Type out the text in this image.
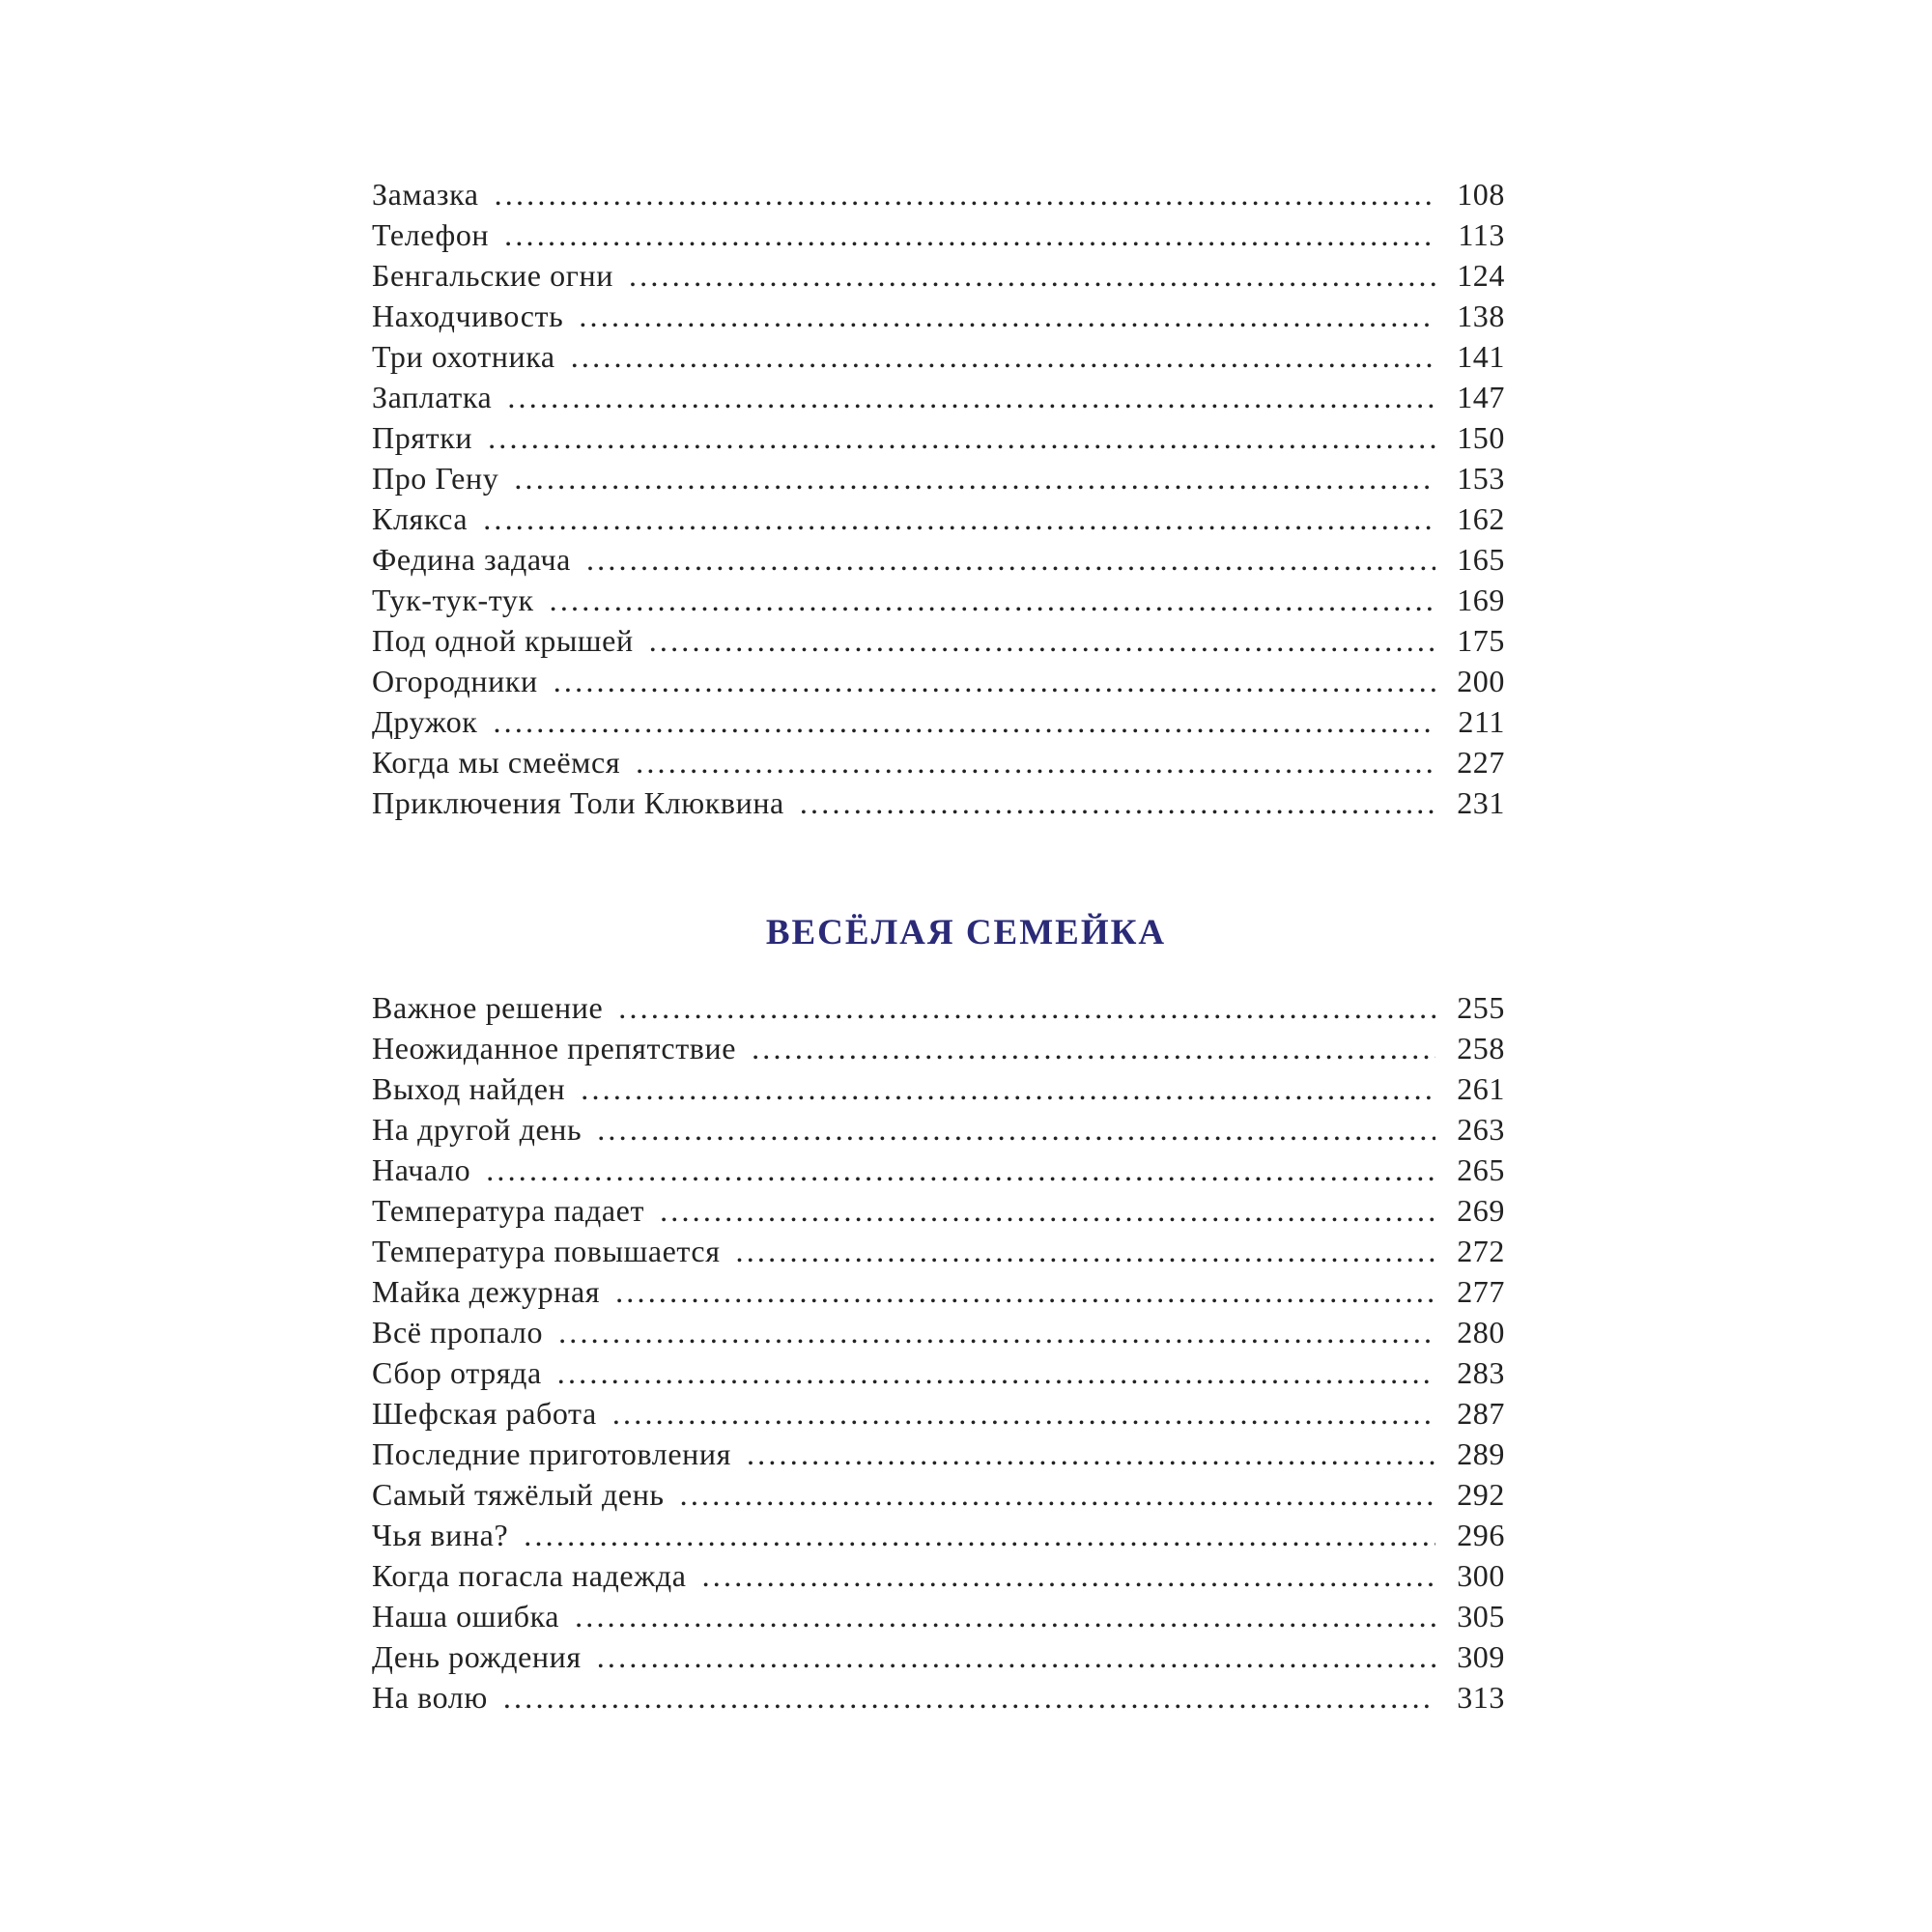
Замазка .....	108
Телефон .....	113
Бенгальские огни .....	124
Находчивость .....	138
Три охотника .....	141
Заплатка .....	147
Прятки .....	150
Про Гену .....	153
Клякса .....	162
Федина задача .....	165
Тук-тук-тук .....	169
Под одной крышей .....	175
Огородники .....	200
Дружок .....	211
Когда мы смеёмся .....	227
Приключения Толи Клюквина .....	231
ВЕСЁЛАЯ СЕМЕЙКА
Важное решение .....	255
Неожиданное препятствие .....	258
Выход найден .....	261
На другой день .....	263
Начало .....	265
Температура падает .....	269
Температура повышается .....	272
Майка дежурная .....	277
Всё пропало .....	280
Сбор отряда .....	283
Шефская работа .....	287
Последние приготовления .....	289
Самый тяжёлый день .....	292
Чья вина? .....	296
Когда погасла надежда .....	300
Наша ошибка .....	305
День рождения .....	309
На волю .....	313
